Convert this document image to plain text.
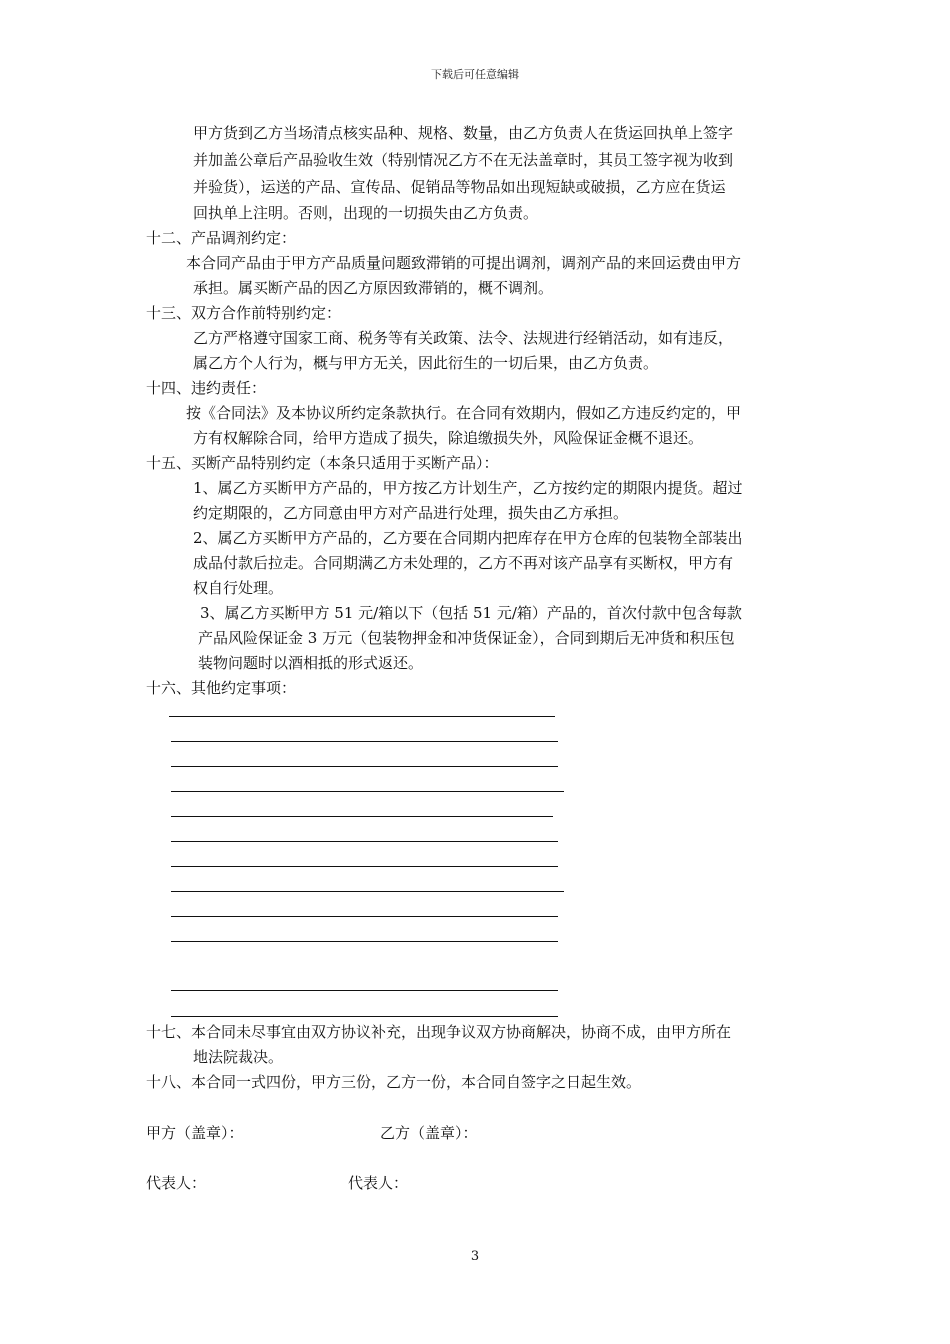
下载后可任意编辑
甲方货到乙方当场清点核实品种、规格、数量，由乙方负责人在货运回执单上签字
并加盖公章后产品验收生效（特别情况乙方不在无法盖章时，其员工签字视为收到
并验货），运送的产品、宣传品、促销品等物品如出现短缺或破损，乙方应在货运
回执单上注明。否则，出现的一切损失由乙方负责。
十二、产品调剂约定：
本合同产品由于甲方产品质量问题致滞销的可提出调剂，调剂产品的来回运费由甲方
承担。属买断产品的因乙方原因致滞销的，概不调剂。
十三、双方合作前特别约定：
乙方严格遵守国家工商、税务等有关政策、法令、法规进行经销活动，如有违反，
属乙方个人行为，概与甲方无关，因此衍生的一切后果，由乙方负责。
十四、违约责任：
按《合同法》及本协议所约定条款执行。在合同有效期内，假如乙方违反约定的，甲
方有权解除合同，给甲方造成了损失，除追缴损失外，风险保证金概不退还。
十五、买断产品特别约定（本条只适用于买断产品）：
1、属乙方买断甲方产品的，甲方按乙方计划生产，乙方按约定的期限内提货。超过
约定期限的，乙方同意由甲方对产品进行处理，损失由乙方承担。
2、属乙方买断甲方产品的，乙方要在合同期内把库存在甲方仓库的包装物全部装出
成品付款后拉走。合同期满乙方未处理的，乙方不再对该产品享有买断权，甲方有
权自行处理。
3、属乙方买断甲方 51 元/箱以下（包括 51 元/箱）产品的，首次付款中包含每款
产品风险保证金 3 万元（包装物押金和冲货保证金），合同到期后无冲货和积压包
装物问题时以酒相抵的形式返还。
十六、其他约定事项：
十七、本合同未尽事宜由双方协议补充，出现争议双方协商解决，协商不成，由甲方所在
地法院裁决。
十八、本合同一式四份，甲方三份，乙方一份，本合同自签字之日起生效。
甲方（盖章）：	乙方（盖章）：
代表人：	代表人：
3
